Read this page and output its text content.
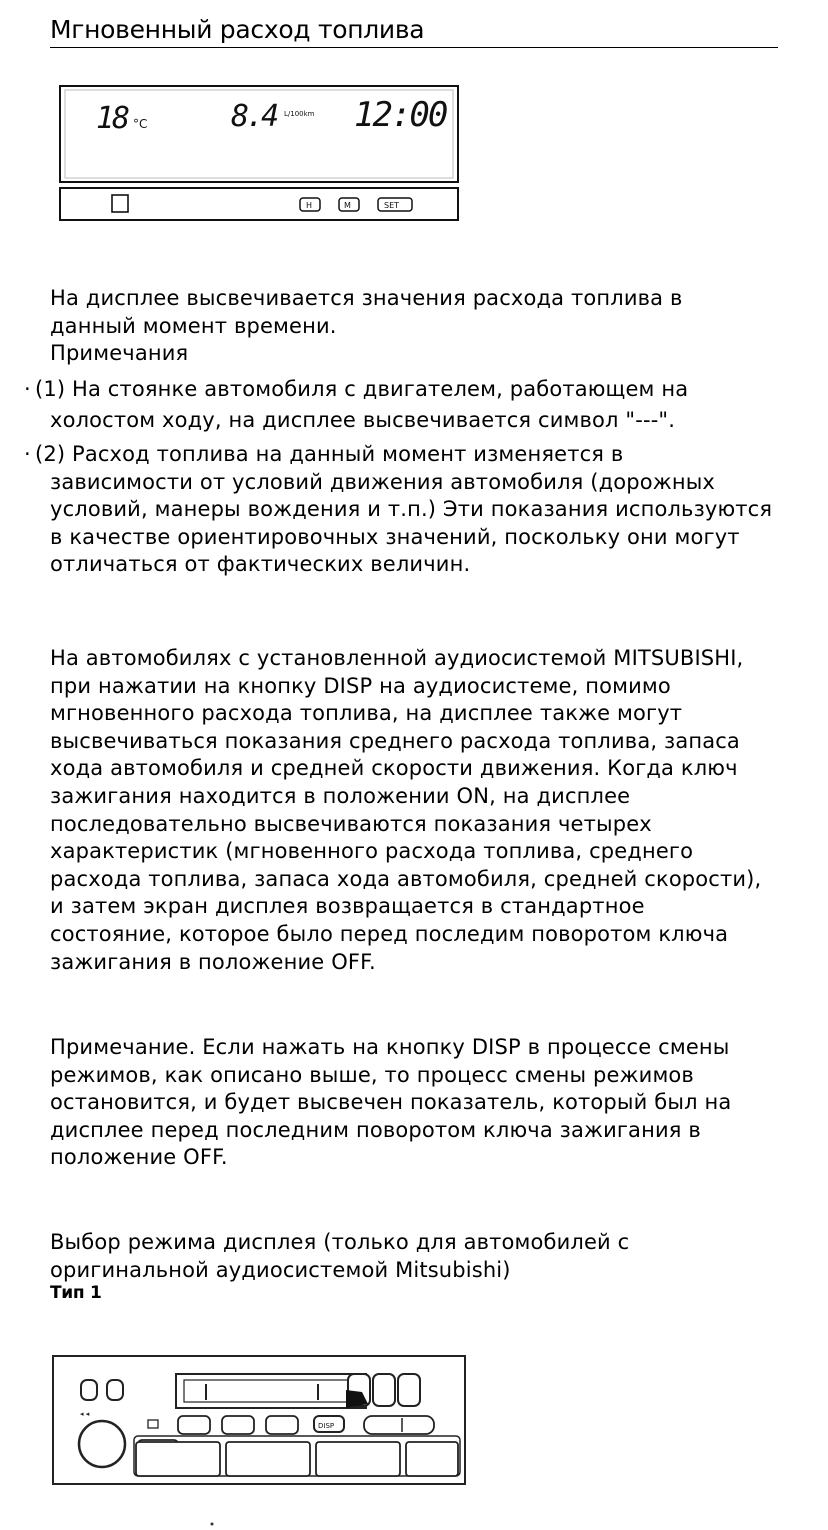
Мгновенный расход топлива
18 °C	8.4 L/100km 12:00
H	M	SET
На дисплее высвечивается значения расхода топлива в
данный момент времени.
Примечания
· (1) На стоянке автомобиля с двигателем, работающем на
холостом ходу, на дисплее высвечивается символ "---".
· (2) Расход топлива на данный момент изменяется в
зависимости от условий движения автомобиля (дорожных условий, манеры вождения и т.п.) Эти показания используются в качестве ориентировочных значений, поскольку они могут отличаться от фактических величин.
На автомобилях с установленной аудиосистемой MITSUBISHI, при нажатии на кнопку DISP на аудиосистеме, помимо мгновенного расхода топлива, на дисплее также могут высвечиваться показания среднего расхода топлива, запаса хода автомобиля и средней скорости движения. Когда ключ зажигания находится в положении ON, на дисплее последовательно высвечиваются показания четырех характеристик (мгновенного расхода топлива, среднего расхода топлива, запаса хода автомобиля, средней скорости), и затем экран дисплея возвращается в стандартное состояние, которое было перед последим поворотом ключа зажигания в положение OFF.
Примечание. Если нажать на кнопку DISP в процессе смены режимов, как описано выше, то процесс смены режимов остановится, и будет высвечен показатель, который был на дисплее перед последним поворотом ключа зажигания в положение OFF.
Выбор режима дисплея (только для автомобилей с оригинальной аудиосистемой Mitsubishi)
Тип 1
◂ ◂
DISP
